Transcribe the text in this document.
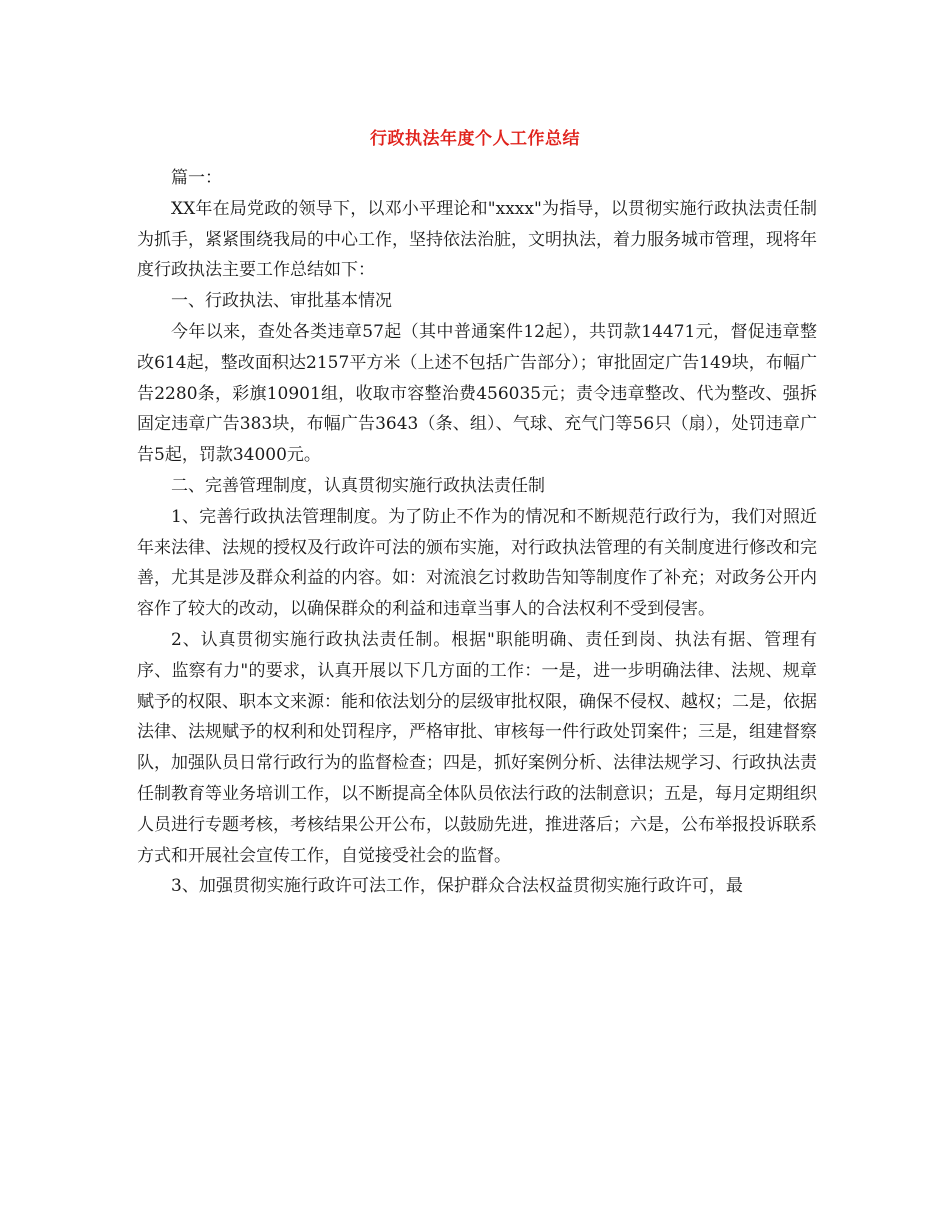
行政执法年度个人工作总结

篇一：

XX年在局党政的领导下，以邓小平理论和"xxxx"为指导，以贯彻实施行政执法责任制为抓手，紧紧围绕我局的中心工作，坚持依法治脏，文明执法，着力服务城市管理，现将年度行政执法主要工作总结如下：

一、行政执法、审批基本情况

今年以来，查处各类违章57起（其中普通案件12起），共罚款14471元，督促违章整改614起，整改面积达2157平方米（上述不包括广告部分）；审批固定广告149块，布幅广告2280条，彩旗10901组，收取市容整治费456035元；责令违章整改、代为整改、强拆固定违章广告383块，布幅广告3643（条、组）、气球、充气门等56只（扇），处罚违章广告5起，罚款34000元。

二、完善管理制度，认真贯彻实施行政执法责任制

1、完善行政执法管理制度。为了防止不作为的情况和不断规范行政行为，我们对照近年来法律、法规的授权及行政许可法的颁布实施，对行政执法管理的有关制度进行修改和完善，尤其是涉及群众利益的内容。如：对流浪乞讨救助告知等制度作了补充；对政务公开内容作了较大的改动，以确保群众的利益和违章当事人的合法权利不受到侵害。

2、认真贯彻实施行政执法责任制。根据"职能明确、责任到岗、执法有据、管理有序、监察有力"的要求，认真开展以下几方面的工作：一是，进一步明确法律、法规、规章赋予的权限、职本文来源：能和依法划分的层级审批权限，确保不侵权、越权；二是，依据法律、法规赋予的权利和处罚程序，严格审批、审核每一件行政处罚案件；三是，组建督察队，加强队员日常行政行为的监督检查；四是，抓好案例分析、法律法规学习、行政执法责任制教育等业务培训工作，以不断提高全体队员依法行政的法制意识；五是，每月定期组织人员进行专题考核，考核结果公开公布，以鼓励先进，推进落后；六是，公布举报投诉联系方式和开展社会宣传工作，自觉接受社会的监督。

3、加强贯彻实施行政许可法工作，保护群众合法权益贯彻实施行政许可，最
